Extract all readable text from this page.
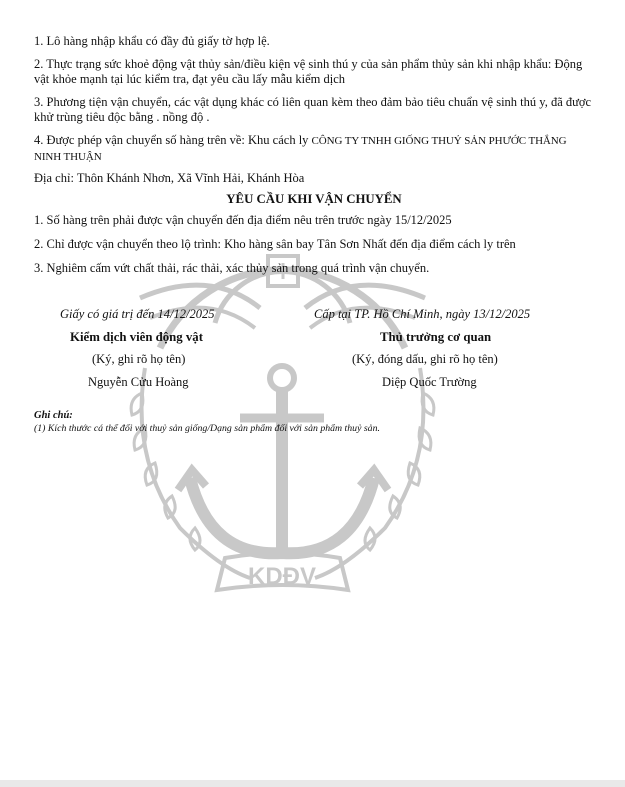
KDĐV

1. Lô hàng nhập khẩu có đầy đủ giấy tờ hợp lệ.

2. Thực trạng sức khoẻ động vật thủy sản/điều kiện vệ sinh thú y của sản phẩm thủy sản khi nhập khẩu: Động vật khỏe mạnh tại lúc kiểm tra, đạt yêu cầu lấy mẫu kiểm dịch

3. Phương tiện vận chuyển, các vật dụng khác có liên quan kèm theo đảm bảo tiêu chuẩn vệ sinh thú y, đã được khử trùng tiêu độc bằng . nồng độ .

4. Được phép vận chuyển số hàng trên về: Khu cách ly CÔNG TY TNHH GIỐNG THUỶ SẢN PHƯỚC THẮNG NINH THUẬN

Địa chỉ: Thôn Khánh Nhơn, Xã Vĩnh Hải, Khánh Hòa

YÊU CẦU KHI VẬN CHUYỂN

1. Số hàng trên phải được vận chuyển đến địa điểm nêu trên trước ngày 15/12/2025

2. Chỉ được vận chuyển theo lộ trình: Kho hàng sân bay Tân Sơn Nhất đến địa điểm cách ly trên

3. Nghiêm cấm vứt chất thải, rác thải, xác thủy sản trong quá trình vận chuyển.

Giấy có giá trị đến 14/12/2025	Cấp tại TP. Hồ Chí Minh, ngày 13/12/2025
Kiểm dịch viên động vật	Thủ trưởng cơ quan
(Ký, ghi rõ họ tên)	(Ký, đóng dấu, ghi rõ họ tên)
Nguyễn Cửu Hoàng	Diệp Quốc Trường
Ghi chú:
(1) Kích thước cá thể đối với thuỷ sản giống/Dạng sản phẩm đối với sản phẩm thuỷ sản.
